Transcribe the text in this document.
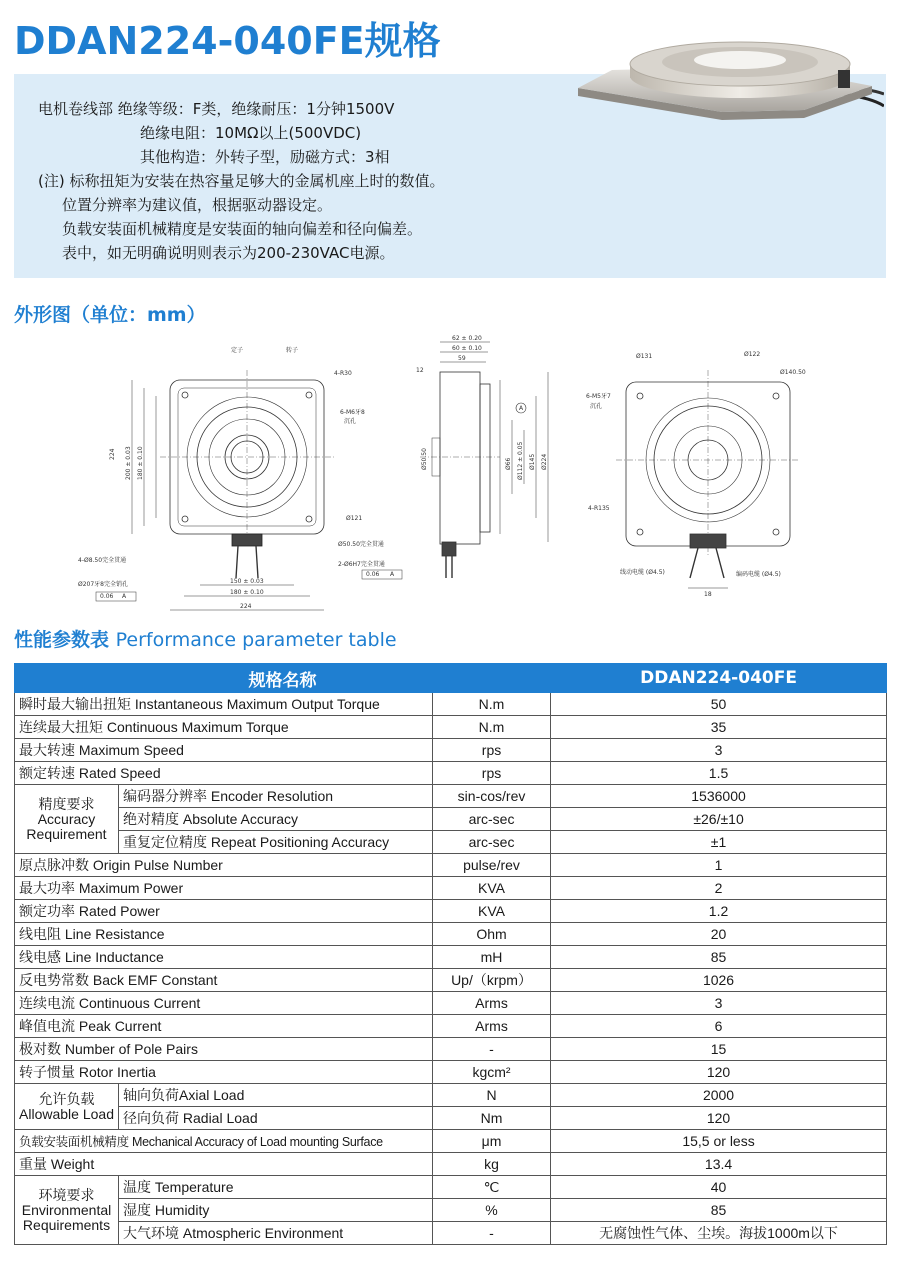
DDAN224-040FE规格
电机卷线部 绝缘等级：F类，绝缘耐压：1分钟1500V
绝缘电阻：10MΩ以上(500VDC)
其他构造：外转子型，励磁方式：3相
(注) 标称扭矩为安装在热容量足够大的金属机座上时的数值。
位置分辨率为建议值，根据驱动器设定。
负载安装面机械精度是安装面的轴向偏差和径向偏差。
表中，如无明确说明则表示为200-230VAC电源。
外形图（单位：mm）
定子	转子
4-R30
6-M6牙8
沉孔
Ø121
Ø50.50完全贯通
2-Ø6H7完全贯通
0.06 A
4-Ø8.50完全贯通
Ø207牙8完全销孔
0.06 A
150 ± 0.03
180 ± 0.10
224
224 200 ± 0.03 180 ± 0.10
62 ± 0.20
60 ± 0.10
59
12
A
Ø50.50	Ø66 Ø112 ± 0.05 Ø145 Ø224
Ø131	Ø122
Ø140.50
6-M5牙7
沉孔
4-R135
线动电缆 (Ø4.5)	编码电缆 (Ø4.5)
18
性能参数表 Performance parameter table
规格名称			DDAN224-040FE
瞬时最大输出扭矩 Instantaneous Maximum Output Torque		N.m	50
连续最大扭矩 Continuous Maximum Torque		N.m	35
最大转速 Maximum Speed		rps	3
额定转速 Rated Speed		rps	1.5
精度要求
Accuracy
Requirement	编码器分辨率 Encoder Resolution	sin-cos/rev	1536000
	绝对精度 Absolute Accuracy	arc-sec	±26/±10
	重复定位精度 Repeat Positioning Accuracy	arc-sec	±1
原点脉冲数 Origin Pulse Number		pulse/rev	1
最大功率 Maximum Power		KVA	2
额定功率 Rated Power		KVA	1.2
线电阻 Line Resistance		Ohm	20
线电感 Line Inductance		mH	85
反电势常数 Back EMF Constant		Up/（krpm）	1026
连续电流 Continuous Current		Arms	3
峰值电流 Peak Current		Arms	6
极对数 Number of Pole Pairs		-	15
转子惯量 Rotor Inertia		kgcm²	120
允许负载
Allowable Load	轴向负荷Axial Load	N	2000
	径向负荷 Radial Load	Nm	120
负载安装面机械精度 Mechanical Accuracy of Load mounting Surface		μm	15,5 or less
重量 Weight		kg	13.4
环境要求
Environmental
Requirements	温度 Temperature	℃	40
	湿度 Humidity	%	85
	大气环境 Atmospheric Environment	-	无腐蚀性气体、尘埃。海拔1000m以下
